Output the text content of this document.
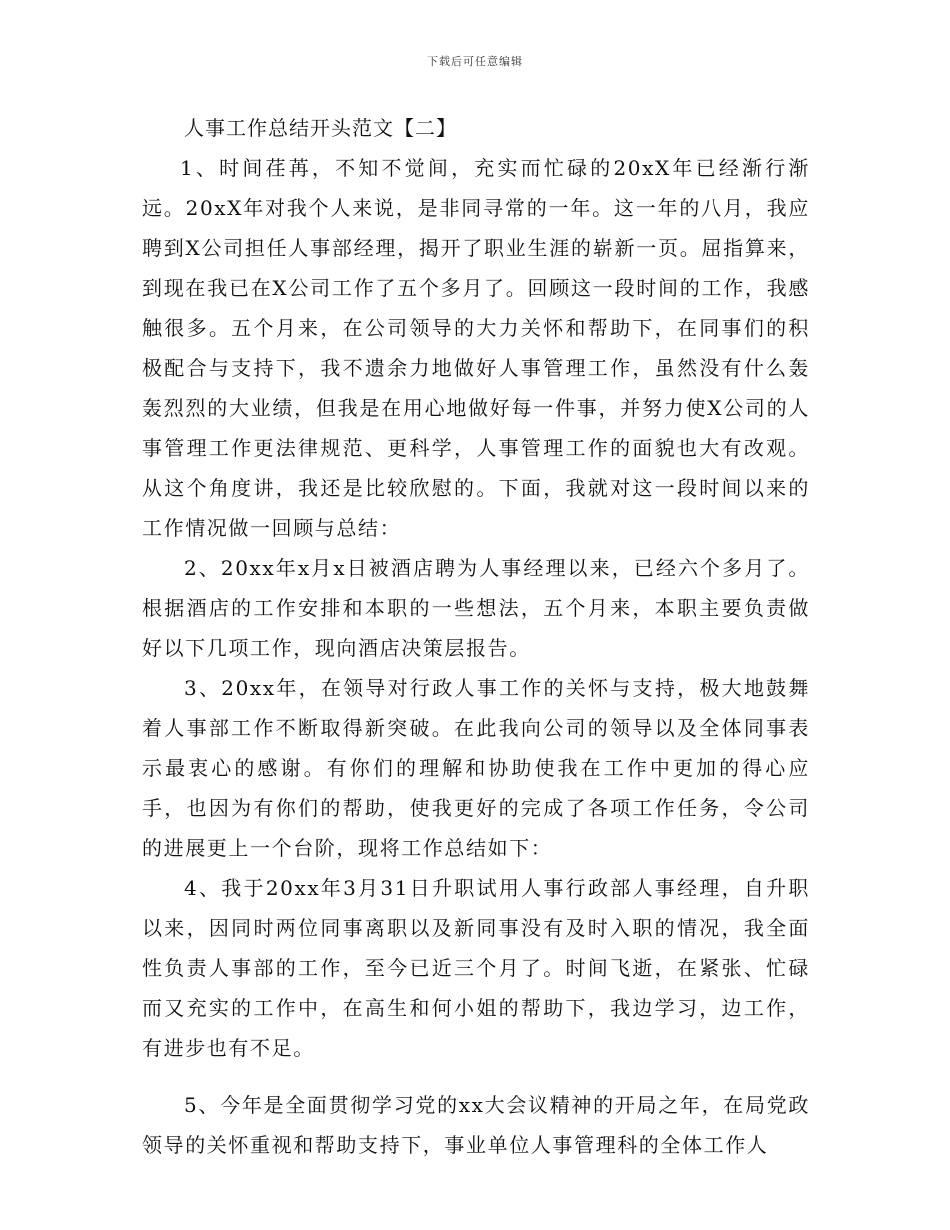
下载后可任意编辑
人事工作总结开头范文【二】

1、时间荏苒，不知不觉间，充实而忙碌的20xX年已经渐行渐远。20xX年对我个人来说，是非同寻常的一年。这一年的八月，我应聘到X公司担任人事部经理，揭开了职业生涯的崭新一页。屈指算来，到现在我已在X公司工作了五个多月了。回顾这一段时间的工作，我感触很多。五个月来，在公司领导的大力关怀和帮助下，在同事们的积极配合与支持下，我不遗余力地做好人事管理工作，虽然没有什么轰轰烈烈的大业绩，但我是在用心地做好每一件事，并努力使X公司的人事管理工作更法律规范、更科学，人事管理工作的面貌也大有改观。从这个角度讲，我还是比较欣慰的。下面，我就对这一段时间以来的工作情况做一回顾与总结：

2、20xx年x月x日被酒店聘为人事经理以来，已经六个多月了。根据酒店的工作安排和本职的一些想法，五个月来，本职主要负责做好以下几项工作，现向酒店决策层报告。

3、20xx年，在领导对行政人事工作的关怀与支持，极大地鼓舞着人事部工作不断取得新突破。在此我向公司的领导以及全体同事表示最衷心的感谢。有你们的理解和协助使我在工作中更加的得心应手，也因为有你们的帮助，使我更好的完成了各项工作任务，令公司的进展更上一个台阶，现将工作总结如下：

4、我于20xx年3月31日升职试用人事行政部人事经理，自升职以来，因同时两位同事离职以及新同事没有及时入职的情况，我全面性负责人事部的工作，至今已近三个月了。时间飞逝，在紧张、忙碌而又充实的工作中，在高生和何小姐的帮助下，我边学习，边工作，有进步也有不足。

5、今年是全面贯彻学习党的xx大会议精神的开局之年，在局党政领导的关怀重视和帮助支持下，事业单位人事管理科的全体工作人
